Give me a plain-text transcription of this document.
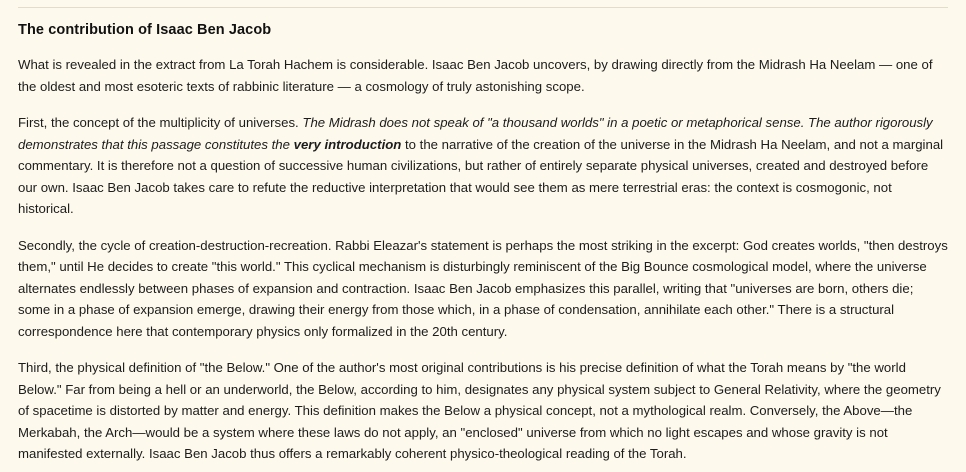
The contribution of Isaac Ben Jacob

What is revealed in the extract from La Torah Hachem is considerable. Isaac Ben Jacob uncovers, by drawing directly from the Midrash Ha Neelam — one of the oldest and most esoteric texts of rabbinic literature — a cosmology of truly astonishing scope.

First, the concept of the multiplicity of universes. The Midrash does not speak of "a thousand worlds" in a poetic or metaphorical sense. The author rigorously demonstrates that this passage constitutes the very introduction to the narrative of the creation of the universe in the Midrash Ha Neelam, and not a marginal commentary. It is therefore not a question of successive human civilizations, but rather of entirely separate physical universes, created and destroyed before our own. Isaac Ben Jacob takes care to refute the reductive interpretation that would see them as mere terrestrial eras: the context is cosmogonic, not historical.

Secondly, the cycle of creation-destruction-recreation. Rabbi Eleazar's statement is perhaps the most striking in the excerpt: God creates worlds, "then destroys them," until He decides to create "this world." This cyclical mechanism is disturbingly reminiscent of the Big Bounce cosmological model, where the universe alternates endlessly between phases of expansion and contraction. Isaac Ben Jacob emphasizes this parallel, writing that "universes are born, others die; some in a phase of expansion emerge, drawing their energy from those which, in a phase of condensation, annihilate each other." There is a structural correspondence here that contemporary physics only formalized in the 20th century.

Third, the physical definition of "the Below." One of the author's most original contributions is his precise definition of what the Torah means by "the world Below." Far from being a hell or an underworld, the Below, according to him, designates any physical system subject to General Relativity, where the geometry of spacetime is distorted by matter and energy. This definition makes the Below a physical concept, not a mythological realm. Conversely, the Above—the Merkabah, the Arch—would be a system where these laws do not apply, an "enclosed" universe from which no light escapes and whose gravity is not manifested externally. Isaac Ben Jacob thus offers a remarkably coherent physico-theological reading of the Torah.
